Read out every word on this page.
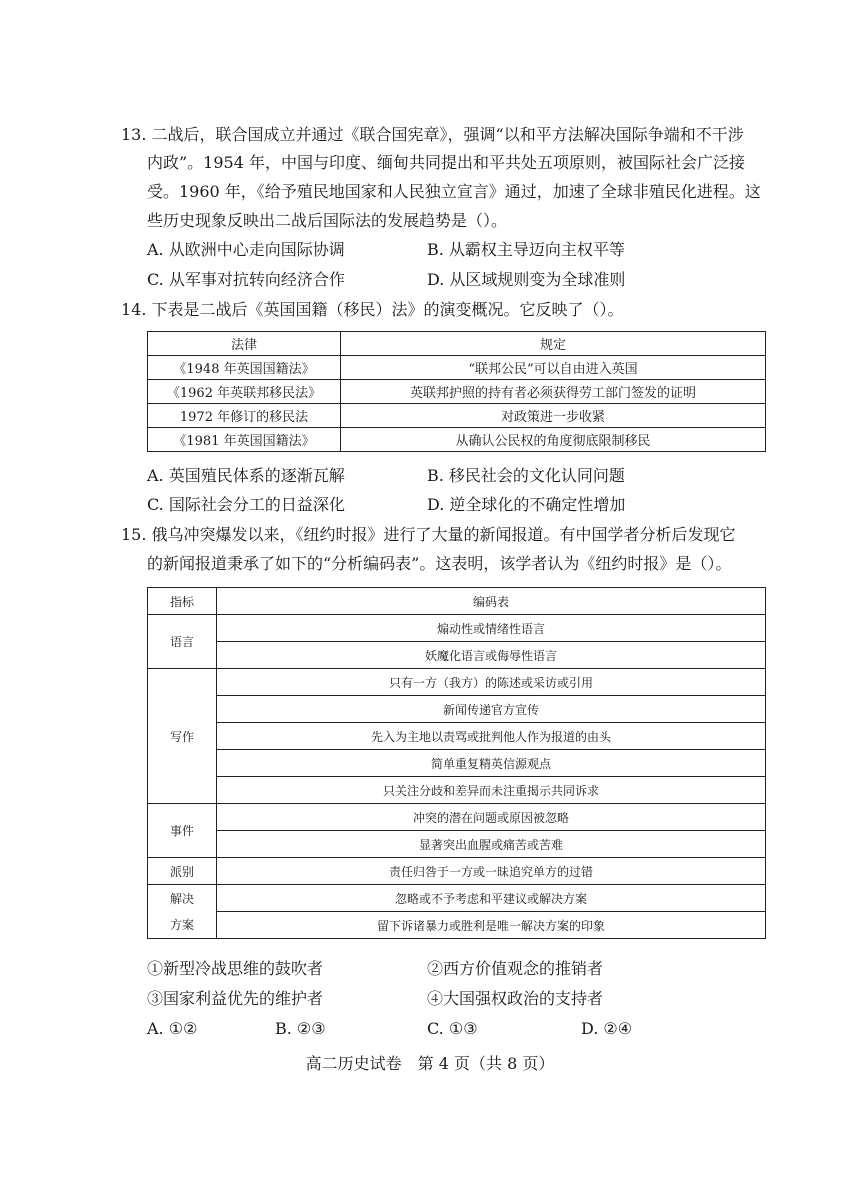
13. 二战后，联合国成立并通过《联合国宪章》，强调“以和平方法解决国际争端和不干涉
内政”。1954 年，中国与印度、缅甸共同提出和平共处五项原则，被国际社会广泛接
受。1960 年，《给予殖民地国家和人民独立宣言》通过，加速了全球非殖民化进程。这
些历史现象反映出二战后国际法的发展趋势是（）。
A. 从欧洲中心走向国际协调	B. 从霸权主导迈向主权平等
C. 从军事对抗转向经济合作	D. 从区域规则变为全球准则
14. 下表是二战后《英国国籍（移民）法》的演变概况。它反映了（）。
法律	规定
《1948 年英国国籍法》	“联邦公民”可以自由进入英国
《1962 年英联邦移民法》	英联邦护照的持有者必须获得劳工部门签发的证明
1972 年修订的移民法	对政策进一步收紧
《1981 年英国国籍法》	从确认公民权的角度彻底限制移民
A. 英国殖民体系的逐渐瓦解	B. 移民社会的文化认同问题
C. 国际社会分工的日益深化	D. 逆全球化的不确定性增加
15. 俄乌冲突爆发以来，《纽约时报》进行了大量的新闻报道。有中国学者分析后发现它
的新闻报道秉承了如下的“分析编码表”。这表明，该学者认为《纽约时报》是（）。
指标	编码表
语言	煽动性或情绪性语言
	妖魔化语言或侮辱性语言
写作	只有一方（我方）的陈述或采访或引用
	新闻传递官方宣传
	先入为主地以责骂或批判他人作为报道的由头
	简单重复精英信源观点
	只关注分歧和差异而未注重揭示共同诉求
事件	冲突的潜在问题或原因被忽略
	显著突出血腥或痛苦或苦难
派别	责任归咎于一方或一昧追究单方的过错
解决	忽略或不予考虑和平建议或解决方案
方案	留下诉诸暴力或胜利是唯一解决方案的印象
①新型冷战思维的鼓吹者	②西方价值观念的推销者
③国家利益优先的维护者	④大国强权政治的支持者
A. ①②	B. ②③	C. ①③	D. ②④
高二历史试卷　第 4 页（共 8 页）
